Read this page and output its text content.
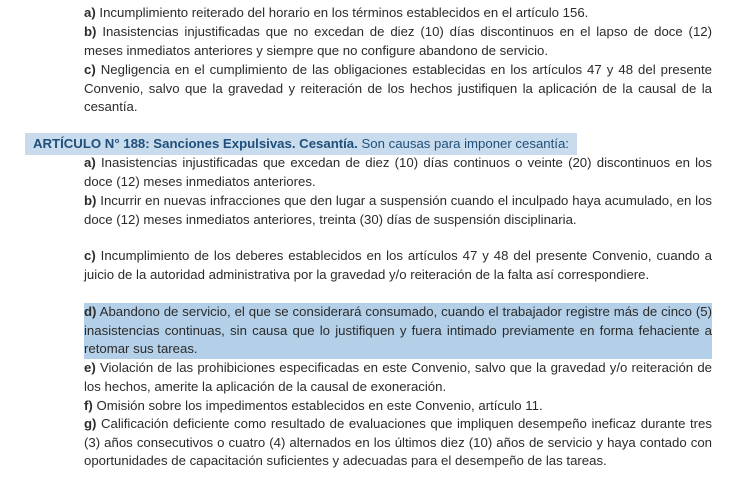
a) Incumplimiento reiterado del horario en los términos establecidos en el artículo 156.
b) Inasistencias injustificadas que no excedan de diez (10) días discontinuos en el lapso de doce (12) meses inmediatos anteriores y siempre que no configure abandono de servicio.
c) Negligencia en el cumplimiento de las obligaciones establecidas en los artículos 47 y 48 del presente Convenio, salvo que la gravedad y reiteración de los hechos justifiquen la aplicación de la causal de la cesantía.
ARTÍCULO N° 188: Sanciones Expulsivas. Cesantía. Son causas para imponer cesantía:
a) Inasistencias injustificadas que excedan de diez (10) días continuos o veinte (20) discontinuos en los doce (12) meses inmediatos anteriores.
b) Incurrir en nuevas infracciones que den lugar a suspensión cuando el inculpado haya acumulado, en los doce (12) meses inmediatos anteriores, treinta (30) días de suspensión disciplinaria.
c) Incumplimiento de los deberes establecidos en los artículos 47 y 48 del presente Convenio, cuando a juicio de la autoridad administrativa por la gravedad y/o reiteración de la falta así correspondiere.
d) Abandono de servicio, el que se considerará consumado, cuando el trabajador registre más de cinco (5) inasistencias continuas, sin causa que lo justifiquen y fuera intimado previamente en forma fehaciente a retomar sus tareas.
e) Violación de las prohibiciones especificadas en este Convenio, salvo que la gravedad y/o reiteración de los hechos, amerite la aplicación de la causal de exoneración.
f) Omisión sobre los impedimentos establecidos en este Convenio, artículo 11.
g) Calificación deficiente como resultado de evaluaciones que impliquen desempeño ineficaz durante tres (3) años consecutivos o cuatro (4) alternados en los últimos diez (10) años de servicio y haya contado con oportunidades de capacitación suficientes y adecuadas para el desempeño de las tareas.
